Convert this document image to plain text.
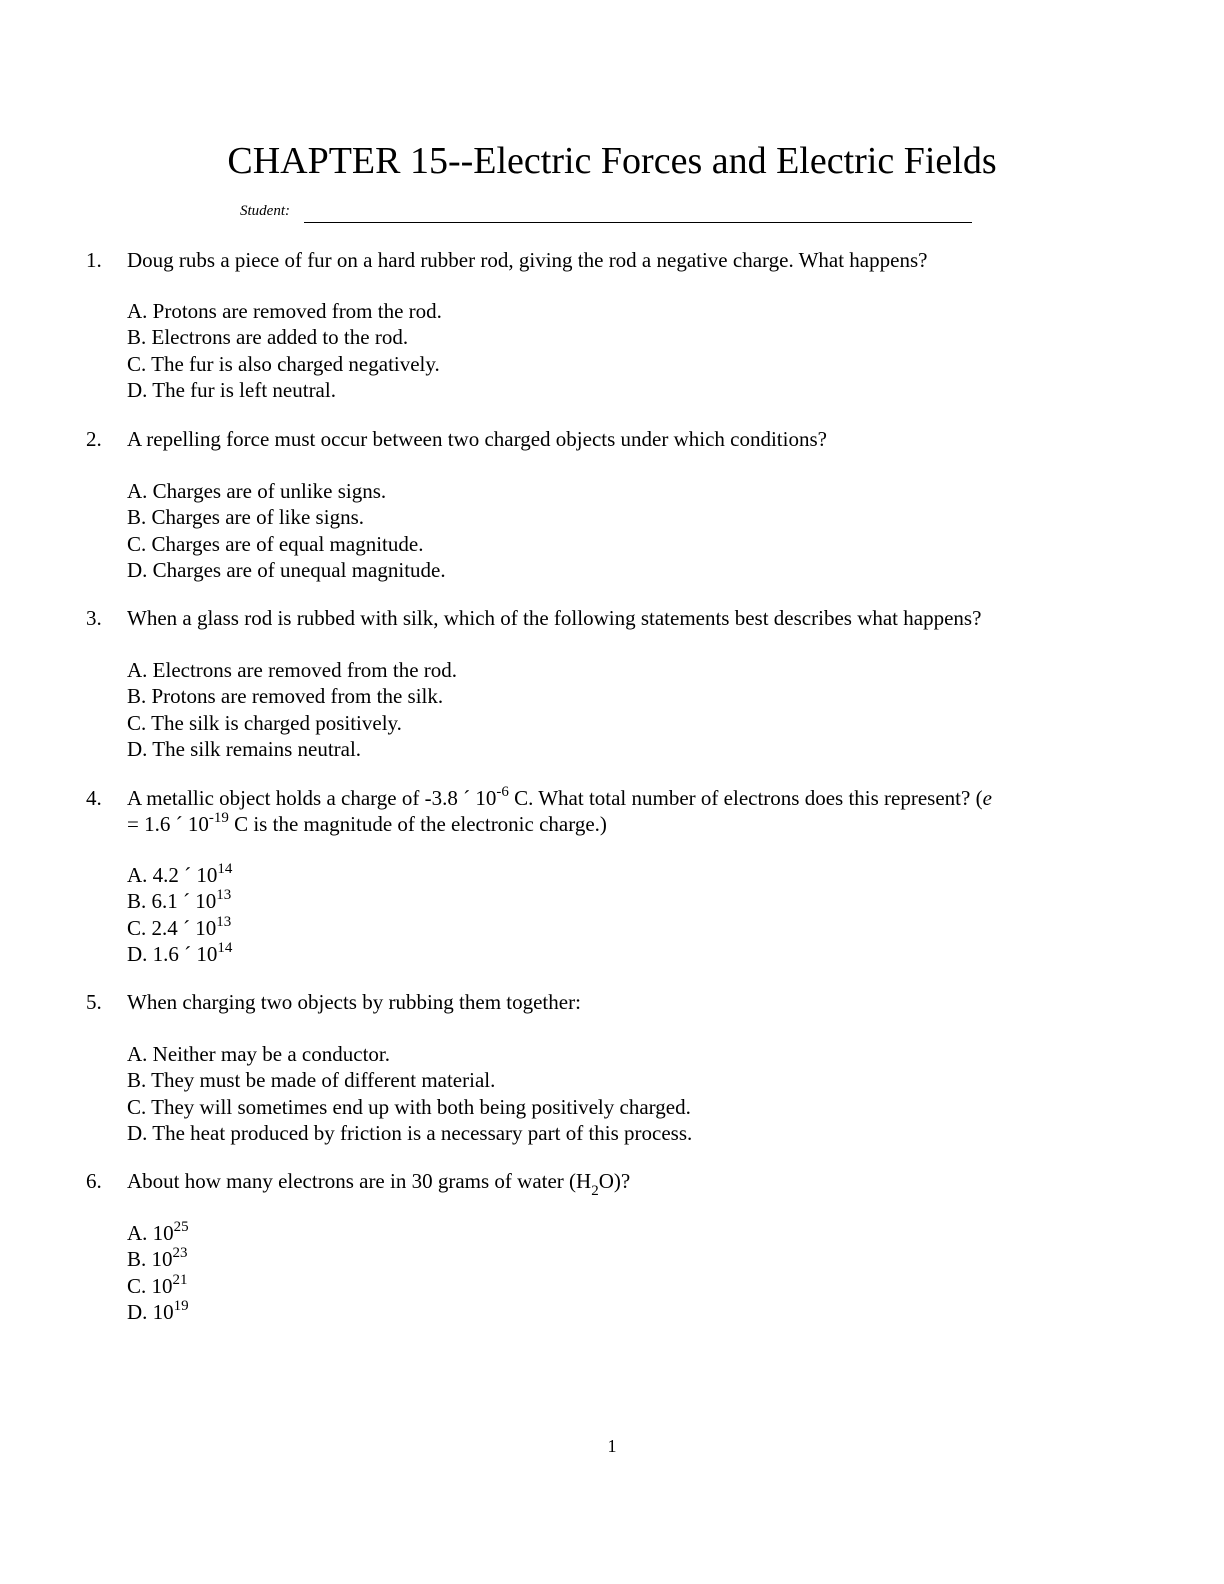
CHAPTER 15--Electric Forces and Electric Fields
Student:
1. Doug rubs a piece of fur on a hard rubber rod, giving the rod a negative charge. What happens?
A. Protons are removed from the rod.
B. Electrons are added to the rod.
C. The fur is also charged negatively.
D. The fur is left neutral.
2. A repelling force must occur between two charged objects under which conditions?
A. Charges are of unlike signs.
B. Charges are of like signs.
C. Charges are of equal magnitude.
D. Charges are of unequal magnitude.
3. When a glass rod is rubbed with silk, which of the following statements best describes what happens?
A. Electrons are removed from the rod.
B. Protons are removed from the silk.
C. The silk is charged positively.
D. The silk remains neutral.
4. A metallic object holds a charge of -3.8 ´ $10^{-6}$ C. What total number of electrons does this represent? (e
= 1.6 ´ $10^{-19}$ C is the magnitude of the electronic charge.)
A. 4.2 ´ $10^{14}$
B. 6.1 ´ $10^{13}$
C. 2.4 ´ $10^{13}$
D. 1.6 ´ $10^{14}$
5. When charging two objects by rubbing them together:
A. Neither may be a conductor.
B. They must be made of different material.
C. They will sometimes end up with both being positively charged.
D. The heat produced by friction is a necessary part of this process.
6. About how many electrons are in 30 grams of water $(H_2O)$?
A. $10^{25}$
B. $10^{23}$
C. $10^{21}$
D. $10^{19}$
1
